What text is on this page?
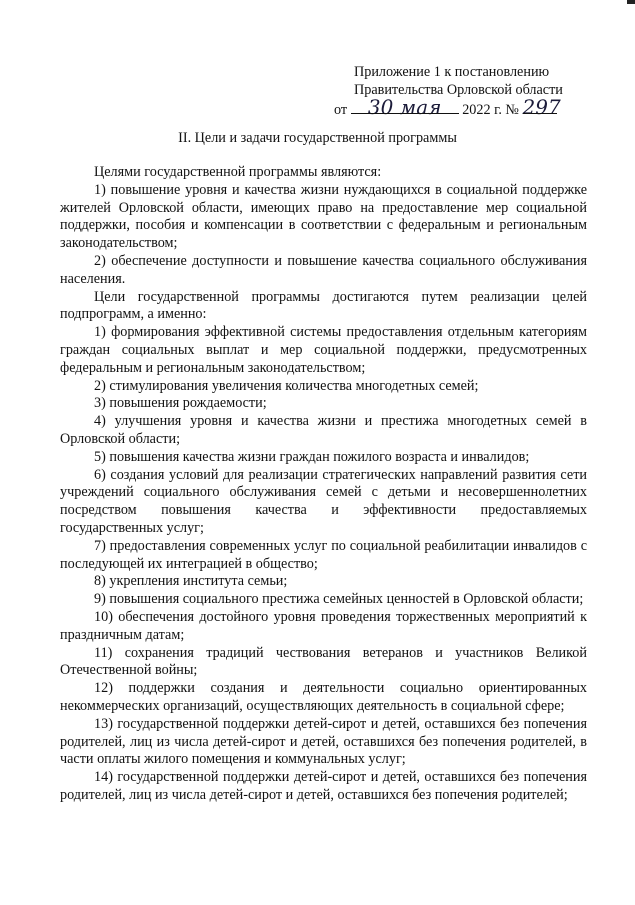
Приложение 1 к постановлению
Правительства Орловской области
от 30 мая 2022 г. № 297
II. Цели и задачи государственной программы

Целями государственной программы являются:

1) повышение уровня и качества жизни нуждающихся в социальной поддержке жителей Орловской области, имеющих право на предоставление мер социальной поддержки, пособия и компенсации в соответствии с федеральным и региональным законодательством;

2) обеспечение доступности и повышение качества социального обслуживания населения.

Цели государственной программы достигаются путем реализации целей подпрограмм, а именно:

1) формирования эффективной системы предоставления отдельным категориям граждан социальных выплат и мер социальной поддержки, предусмотренных федеральным и региональным законодательством;

2) стимулирования увеличения количества многодетных семей;

3) повышения рождаемости;

4) улучшения уровня и качества жизни и престижа многодетных семей в Орловской области;

5) повышения качества жизни граждан пожилого возраста и инвалидов;

6) создания условий для реализации стратегических направлений развития сети учреждений социального обслуживания семей с детьми и несовершеннолетних посредством повышения качества и эффективности предоставляемых государственных услуг;

7) предоставления современных услуг по социальной реабилитации инвалидов с последующей их интеграцией в общество;

8) укрепления института семьи;

9) повышения социального престижа семейных ценностей в Орловской области;

10) обеспечения достойного уровня проведения торжественных мероприятий к праздничным датам;

11) сохранения традиций чествования ветеранов и участников Великой Отечественной войны;

12) поддержки создания и деятельности социально ориентированных некоммерческих организаций, осуществляющих деятельность в социальной сфере;

13) государственной поддержки детей-сирот и детей, оставшихся без попечения родителей, лиц из числа детей-сирот и детей, оставшихся без попечения родителей, в части оплаты жилого помещения и коммунальных услуг;

14) государственной поддержки детей-сирот и детей, оставшихся без попечения родителей, лиц из числа детей-сирот и детей, оставшихся без попечения родителей;
